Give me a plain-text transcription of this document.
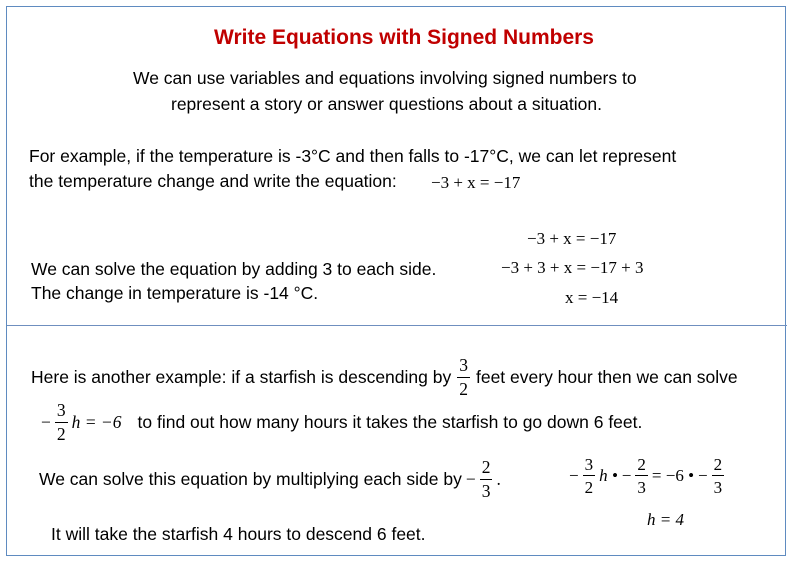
Write Equations with Signed Numbers
We can use variables and equations involving signed numbers to
represent a story or answer questions about a situation.
For example, if the temperature is -3°C and then falls to -17°C, we can let represent
the temperature change and write the equation: −3 + x = −17
−3 + x = −17
−3 + 3 + x = −17 + 3
x = −14
We can solve the equation by adding 3 to each side.
The change in temperature is -14 °C.
Here is another example: if a starfish is descending by $\frac{3}{2}$ feet every hour then we can solve
− $\frac{3}{2}$ h = −6 to find out how many hours it takes the starfish to go down 6 feet.
We can solve this equation by multiplying each side by − $\frac{2}{3}$ .	− $\frac{3}{2}$ h • − $\frac{2}{3} = -6$ • − $\frac{2}{3}$
h = 4
It will take the starfish 4 hours to descend 6 feet.
